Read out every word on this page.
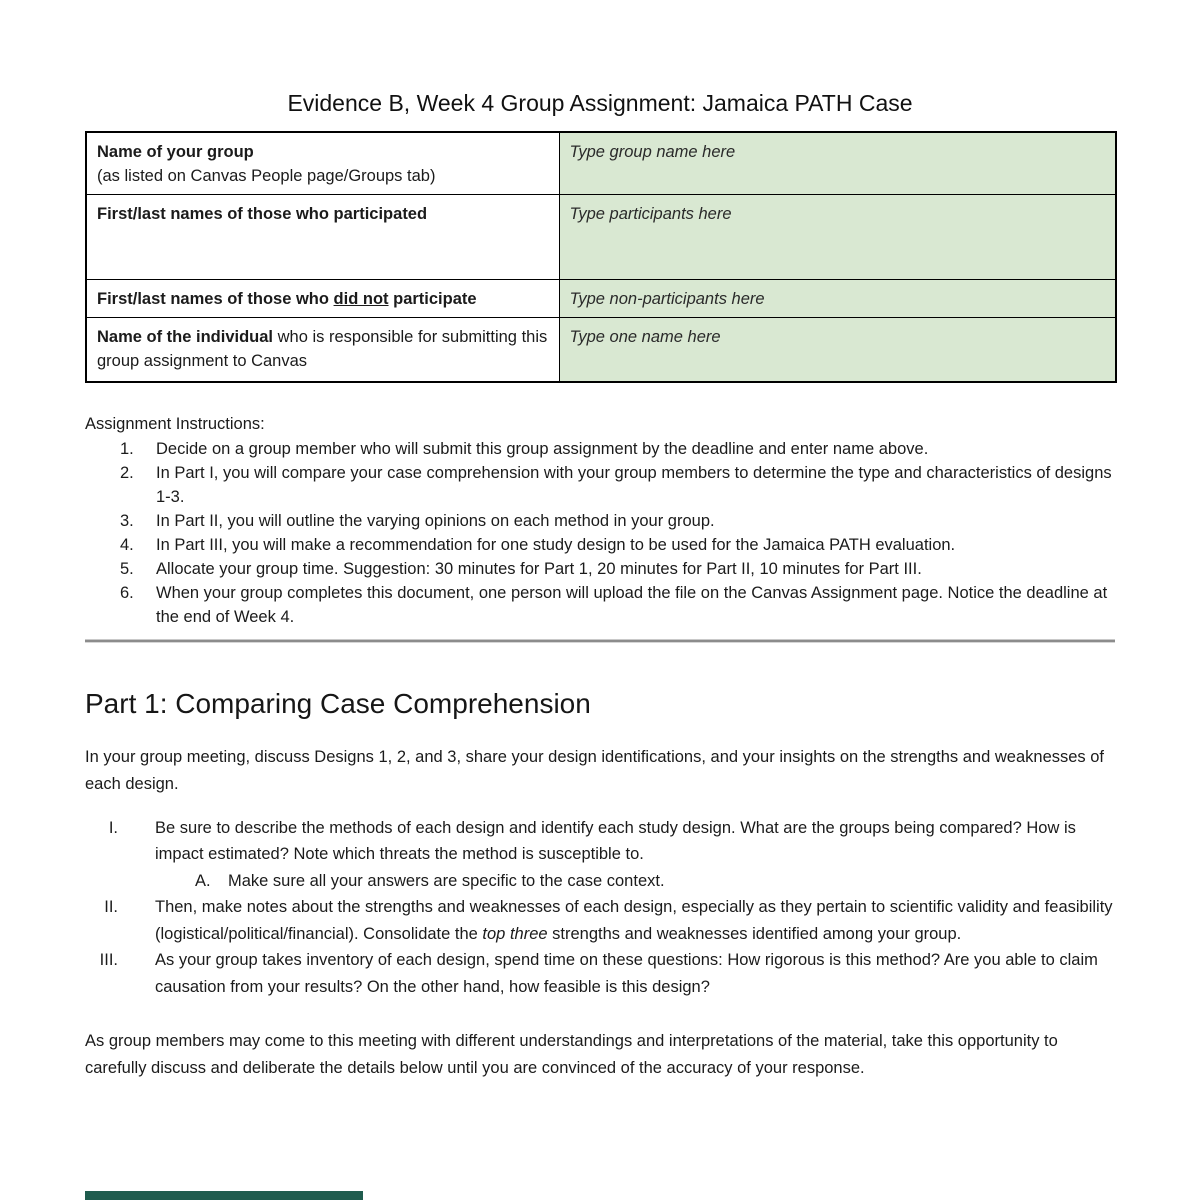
Evidence B, Week 4 Group Assignment: Jamaica PATH Case
Name of your group
(as listed on Canvas People page/Groups tab)	Type group name here
First/last names of those who participated	Type participants here
First/last names of those who did not participate	Type non-participants here
Name of the individual who is responsible for submitting this group assignment to Canvas	Type one name here
Assignment Instructions:
1.	Decide on a group member who will submit this group assignment by the deadline and enter name above.
2.	In Part I, you will compare your case comprehension with your group members to determine the type and characteristics of designs 1-3.
3.	In Part II, you will outline the varying opinions on each method in your group.
4.	In Part III, you will make a recommendation for one study design to be used for the Jamaica PATH evaluation.
5.	Allocate your group time. Suggestion: 30 minutes for Part 1, 20 minutes for Part II, 10 minutes for Part III.
6.	When your group completes this document, one person will upload the file on the Canvas Assignment page. Notice the deadline at the end of Week 4.
Part 1: Comparing Case Comprehension
In your group meeting, discuss Designs 1, 2, and 3, share your design identifications, and your insights on the strengths and weaknesses of each design.
I.	Be sure to describe the methods of each design and identify each study design. What are the groups being compared? How is impact estimated? Note which threats the method is susceptible to.
A.	Make sure all your answers are specific to the case context.
II.	Then, make notes about the strengths and weaknesses of each design, especially as they pertain to scientific validity and feasibility (logistical/political/financial). Consolidate the top three strengths and weaknesses identified among your group.
III.	As your group takes inventory of each design, spend time on these questions: How rigorous is this method? Are you able to claim causation from your results? On the other hand, how feasible is this design?
As group members may come to this meeting with different understandings and interpretations of the material, take this opportunity to carefully discuss and deliberate the details below until you are convinced of the accuracy of your response.
